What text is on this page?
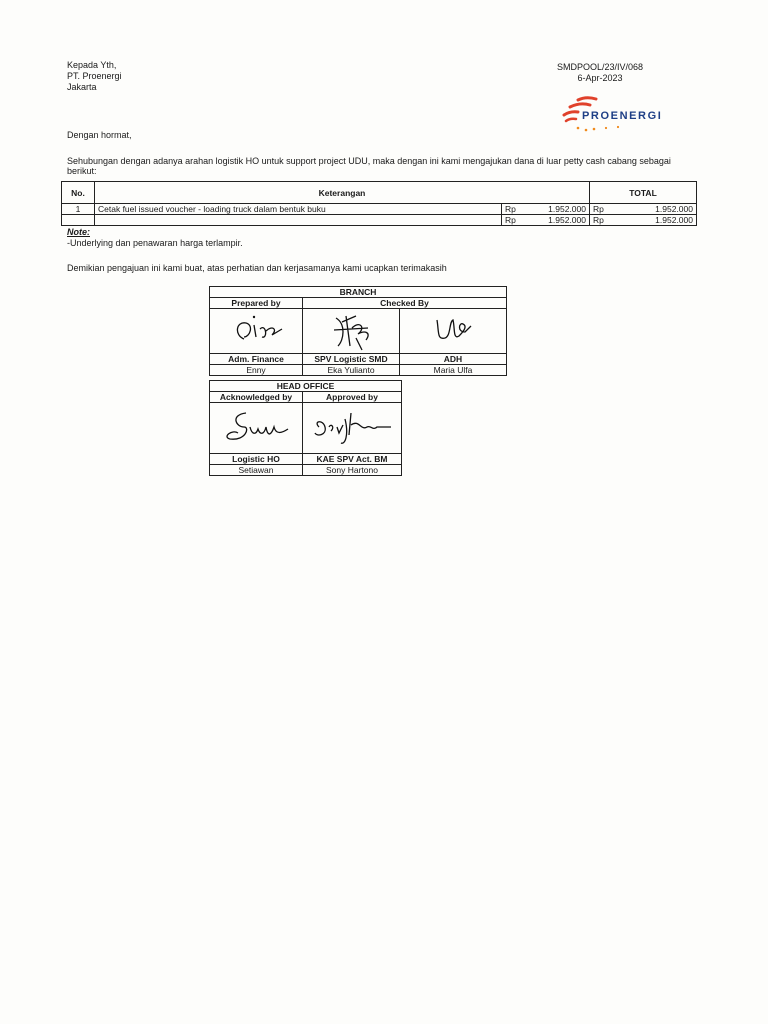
Kepada Yth,
PT. Proenergi
Jakarta
SMDPOOL/23/IV/068
6-Apr-2023
PROENERGI
Dengan hormat,
Sehubungan dengan adanya arahan logistik HO untuk support project UDU, maka dengan ini kami mengajukan dana di luar petty cash cabang sebagai berikut:
No.	Keterangan			TOTAL	
1	Cetak fuel issued voucher - loading truck dalam bentuk buku	Rp	1.952.000	Rp	1.952.000
		Rp	1.952.000	Rp	1.952.000
Note:
-Underlying dan penawaran harga terlampir.
Demikian pengajuan ini kami buat, atas perhatian dan kerjasamanya kami ucapkan terimakasih
BRANCH		
Prepared by	Checked By	

Adm. Finance	SPV Logistic SMD	ADH
Enny	Eka Yulianto	Maria Ulfa
HEAD OFFICE	
Acknowledged by	Approved by

Logistic HO	KAE SPV Act. BM
Setiawan	Sony Hartono
